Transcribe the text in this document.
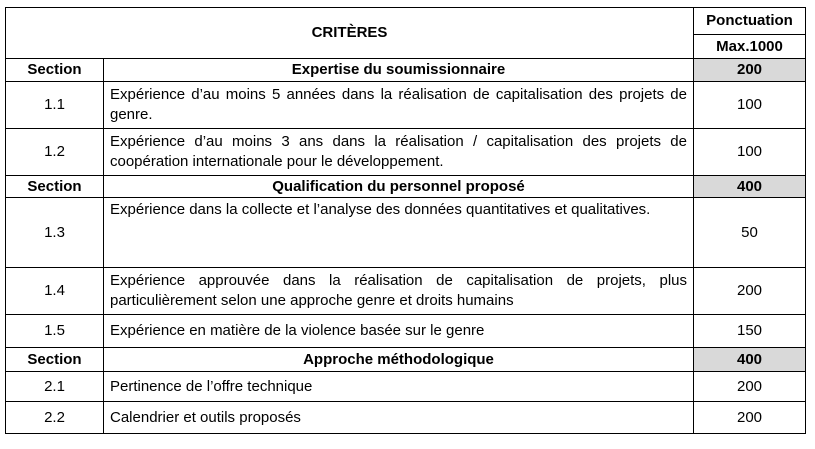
CRITÈRES		Ponctuation
		Max.1000
Section	Expertise du soumissionnaire	200
1.1	Expérience d’au moins 5 années dans la réalisation de capitalisation des projets de genre.	100
1.2	Expérience d’au moins 3 ans dans la réalisation / capitalisation des projets de coopération internationale pour le développement.	100
Section	Qualification du personnel proposé	400
1.3	Expérience dans la collecte et l’analyse des données quantitatives et qualitatives.	50
1.4	Expérience approuvée dans la réalisation de capitalisation de projets, plus particulièrement selon une approche genre et droits humains	200
1.5	Expérience en matière de la violence basée sur le genre	150
Section	Approche méthodologique	400
2.1	Pertinence de l’offre technique	200
2.2	Calendrier et outils proposés	200
